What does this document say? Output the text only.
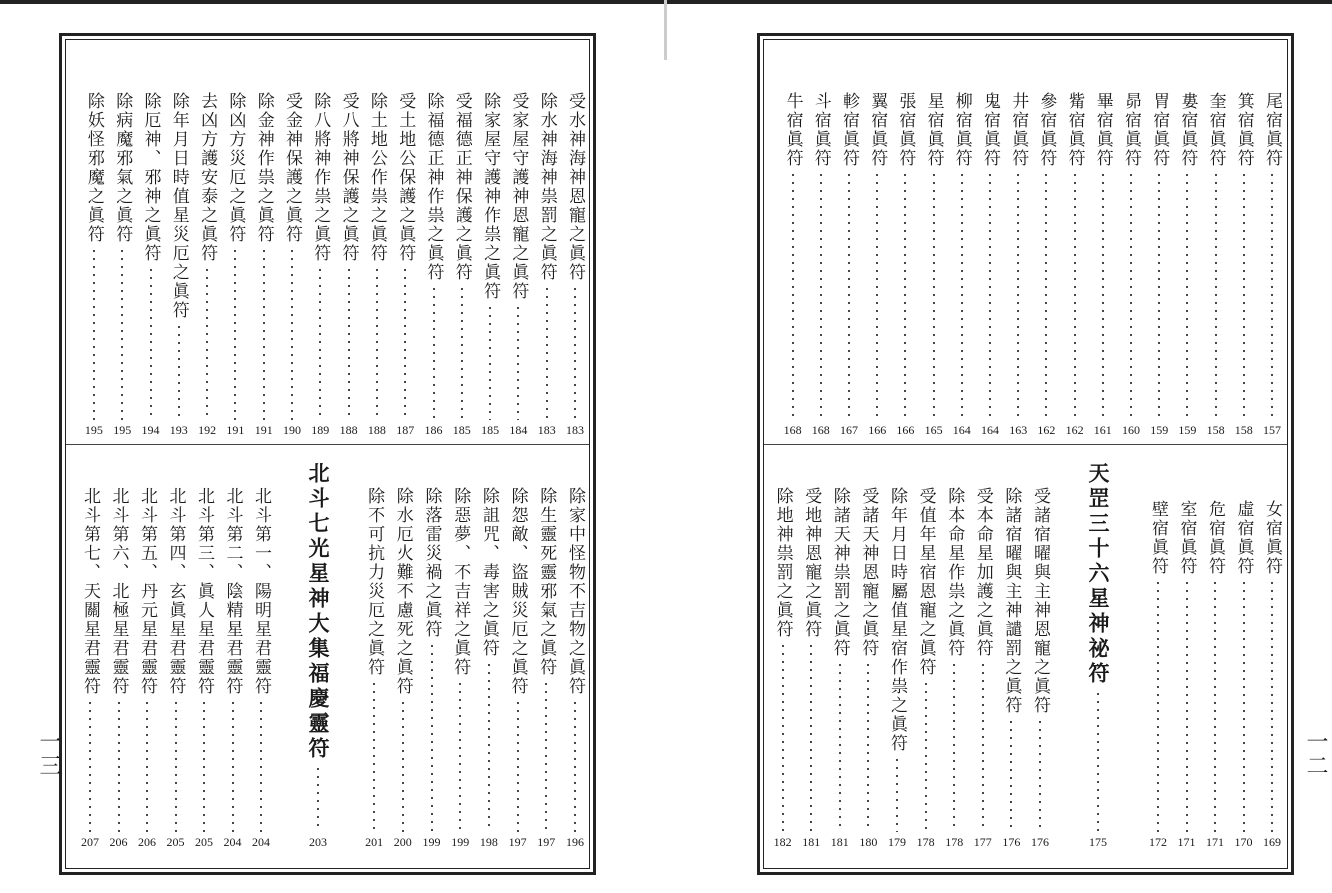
一三	一二
受水神海神恩寵之眞符
183
除水神海神祟罰之眞符
183
受家屋守護神恩寵之眞符
184
除家屋守護神作祟之眞符
185
受福德正神保護之眞符
185
除福德正神作祟之眞符
186
受土地公保護之眞符
187
除土地公作祟之眞符
188
受八將神保護之眞符
188
除八將神作祟之眞符
189
受金神保護之眞符
190
除金神作祟之眞符
191
除凶方災厄之眞符
191
去凶方護安泰之眞符
192
除年月日時值星災厄之眞符
193
除厄神、邪神之眞符
194
除病魔邪氣之眞符
195
除妖怪邪魔之眞符
195
除家中怪物不吉物之眞符
196
除生靈死靈邪氣之眞符
197
除怨敵、盜賊災厄之眞符
197
除詛咒、毒害之眞符
198
除惡夢、不吉祥之眞符
199
除落雷災禍之眞符
199
除水厄火難不慮死之眞符
200
除不可抗力災厄之眞符
201
北斗七光星神大集福慶靈符
203
北斗第一、陽明星君靈符
204
北斗第二、陰精星君靈符
204
北斗第三、眞人星君靈符
205
北斗第四、玄眞星君靈符
205
北斗第五、丹元星君靈符
206
北斗第六、北極星君靈符
206
北斗第七、天關星君靈符
207
尾宿眞符
157
箕宿眞符
158
奎宿眞符
158
婁宿眞符
159
胃宿眞符
159
昴宿眞符
160
畢宿眞符
161
觜宿眞符
162
參宿眞符
162
井宿眞符
163
鬼宿眞符
164
柳宿眞符
164
星宿眞符
165
張宿眞符
166
翼宿眞符
166
軫宿眞符
167
斗宿眞符
168
牛宿眞符
168
女宿眞符
169
虛宿眞符
170
危宿眞符
171
室宿眞符
171
壁宿眞符
172
天罡三十六星神祕符
175
受諸宿曜與主神恩寵之眞符
176
除諸宿曜與主神譴罰之眞符
176
受本命星加護之眞符
177
除本命星作祟之眞符
178
受值年星宿恩寵之眞符
178
除年月日時屬值星宿作祟之眞符
179
受諸天神恩寵之眞符
180
除諸天神祟罰之眞符
181
受地神恩寵之眞符
181
除地神祟罰之眞符
182
